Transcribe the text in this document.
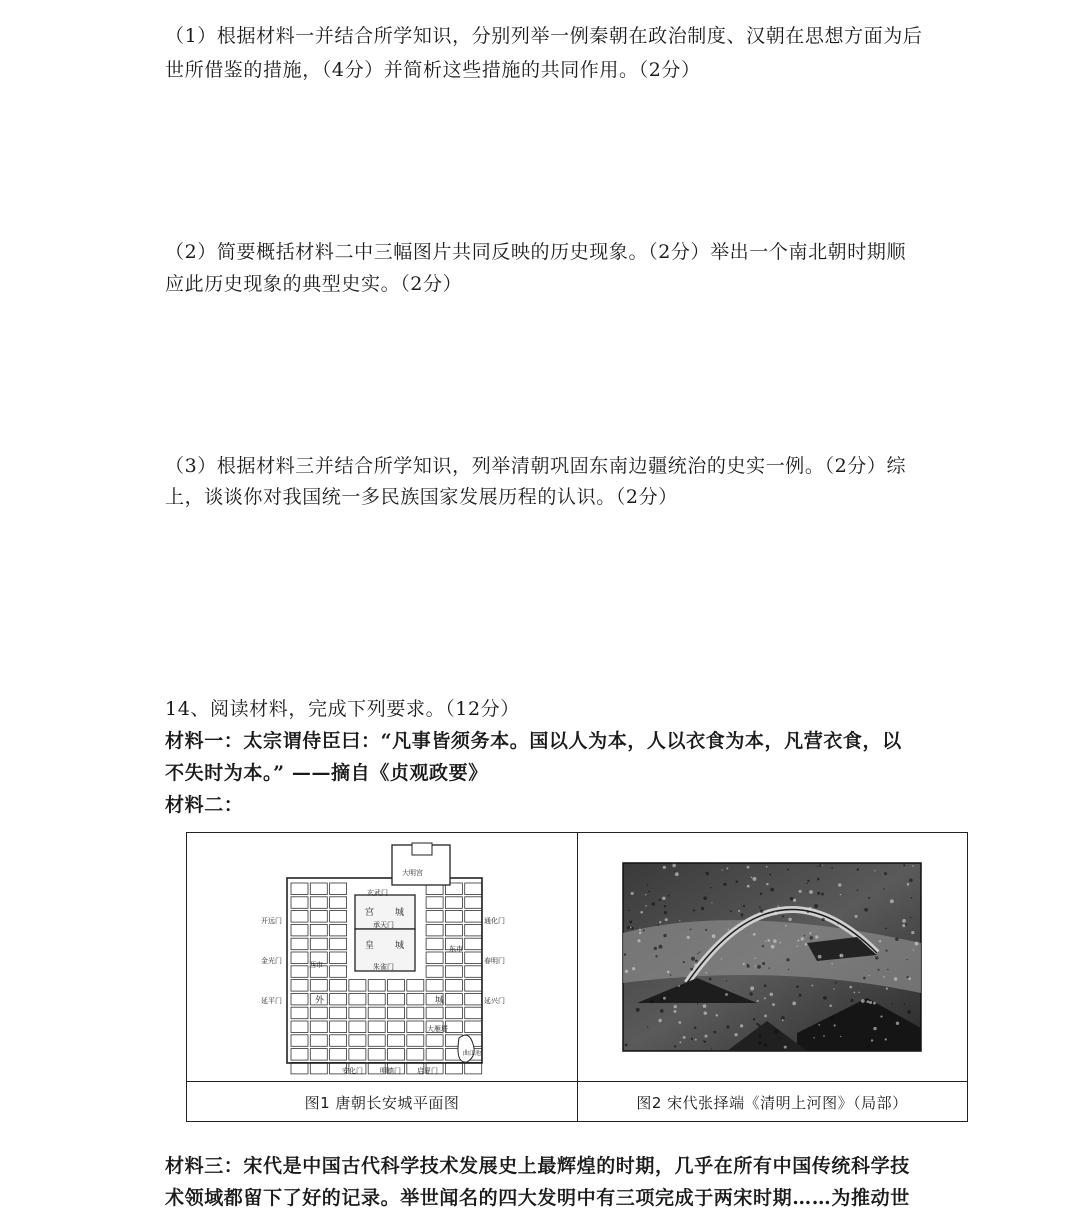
（1）根据材料一并结合所学知识，分别列举一例秦朝在政治制度、汉朝在思想方面为后
世所借鉴的措施，（4分）并简析这些措施的共同作用。（2分）
（2）简要概括材料二中三幅图片共同反映的历史现象。（2分）举出一个南北朝时期顺
应此历史现象的典型史实。（2分）
（3）根据材料三并结合所学知识，列举清朝巩固东南边疆统治的史实一例。（2分）综
上，谈谈你对我国统一多民族国家发展历程的认识。（2分）
14、阅读材料，完成下列要求。（12分）
材料一：太宗谓侍臣曰：“凡事皆须务本。国以人为本，人以衣食为本，凡营衣食，以
不失时为本。” ——摘自《贞观政要》
材料二：
宫 城
皇 城
外	城
玄武门
大明宫
承天门
朱雀门
明德门
安化门	启夏门
春明门
延兴门
通化门
金光门
延平门
开远门
东市
西市
大雁塔
曲江池
图1 唐朝长安城平面图	图2 宋代张择端《清明上河图》（局部）
材料三：宋代是中国古代科学技术发展史上最辉煌的时期，几乎在所有中国传统科学技
术领域都留下了好的记录。举世闻名的四大发明中有三项完成于两宋时期……为推动世
